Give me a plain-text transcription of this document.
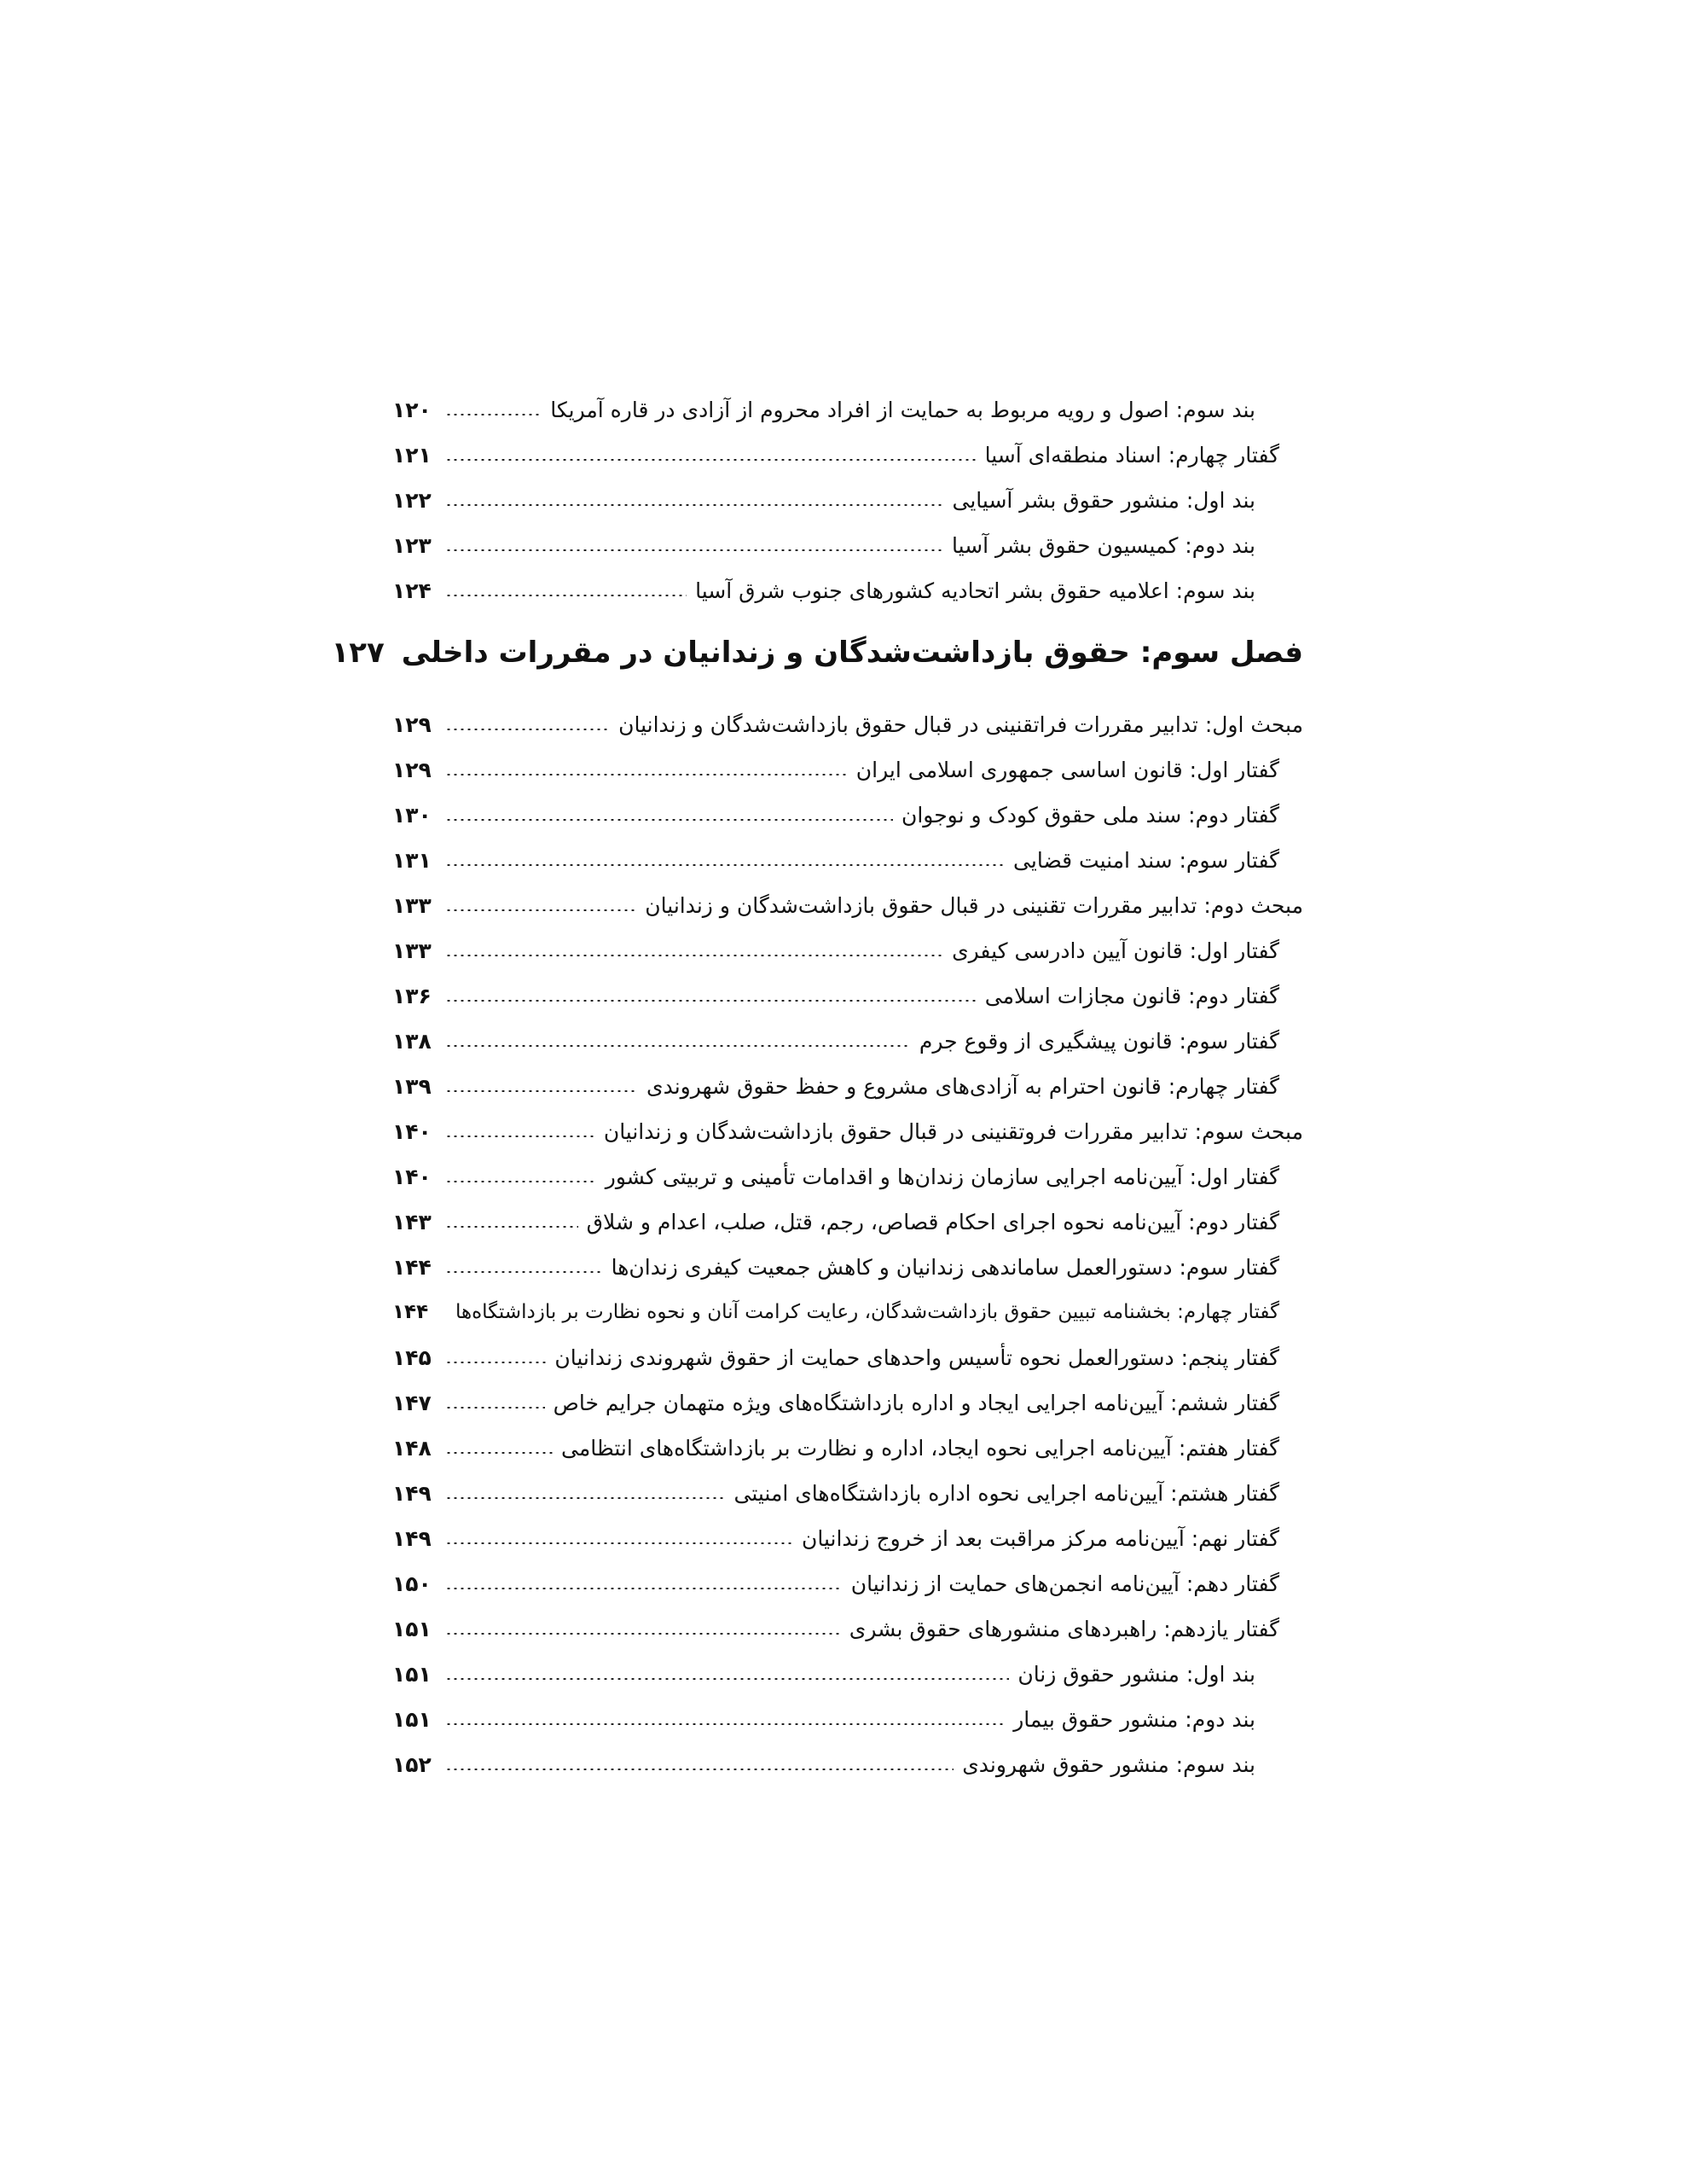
بند سوم: اصول و رویه مربوط به حمایت از افراد محروم از آزادی در قاره آمریکا
۱۲۰
گفتار چهارم: اسناد منطقه‌ای آسیا
۱۲۱
بند اول: منشور حقوق بشر آسیایی
۱۲۲
بند دوم: کمیسیون حقوق بشر آسیا
۱۲۳
بند سوم: اعلامیه حقوق بشر اتحادیه کشورهای جنوب شرق آسیا
۱۲۴
فصل سوم: حقوق بازداشت‌شدگان و زندانیان در مقررات داخلی
۱۲۷
مبحث اول: تدابیر مقررات فراتقنینی در قبال حقوق بازداشت‌شدگان و زندانیان
۱۲۹
گفتار اول: قانون اساسی جمهوری اسلامی ایران
۱۲۹
گفتار دوم: سند ملی حقوق کودک و نوجوان
۱۳۰
گفتار سوم: سند امنیت قضایی
۱۳۱
مبحث دوم: تدابیر مقررات تقنینی در قبال حقوق بازداشت‌شدگان و زندانیان
۱۳۳
گفتار اول: قانون آیین دادرسی کیفری
۱۳۳
گفتار دوم: قانون مجازات اسلامی
۱۳۶
گفتار سوم: قانون پیشگیری از وقوع جرم
۱۳۸
گفتار چهارم: قانون احترام به آزادی‌های مشروع و حفظ حقوق شهروندی
۱۳۹
مبحث سوم: تدابیر مقررات فروتقنینی در قبال حقوق بازداشت‌شدگان و زندانیان
۱۴۰
گفتار اول: آیین‌نامه اجرایی سازمان زندان‌ها و اقدامات تأمینی و تربیتی کشور
۱۴۰
گفتار دوم: آیین‌نامه نحوه اجرای احکام قصاص، رجم، قتل، صلب، اعدام و شلاق
۱۴۳
گفتار سوم: دستورالعمل ساماندهی زندانیان و کاهش جمعیت کیفری زندان‌ها
۱۴۴
گفتار چهارم: بخشنامه تبیین حقوق بازداشت‌شدگان، رعایت کرامت آنان و نحوه نظارت بر بازداشتگاه‌ها
۱۴۴
گفتار پنجم: دستورالعمل نحوه تأسیس واحدهای حمایت از حقوق شهروندی زندانیان
۱۴۵
گفتار ششم: آیین‌نامه اجرایی ایجاد و اداره بازداشتگاه‌های ویژه متهمان جرایم خاص
۱۴۷
گفتار هفتم: آیین‌نامه اجرایی نحوه ایجاد، اداره و نظارت بر بازداشتگاه‌های انتظامی
۱۴۸
گفتار هشتم: آیین‌نامه اجرایی نحوه اداره بازداشتگاه‌های امنیتی
۱۴۹
گفتار نهم: آیین‌نامه مرکز مراقبت بعد از خروج زندانیان
۱۴۹
گفتار دهم: آیین‌نامه انجمن‌های حمایت از زندانیان
۱۵۰
گفتار یازدهم: راهبردهای منشورهای حقوق بشری
۱۵۱
بند اول: منشور حقوق زنان
۱۵۱
بند دوم: منشور حقوق بیمار
۱۵۱
بند سوم: منشور حقوق شهروندی
۱۵۲
